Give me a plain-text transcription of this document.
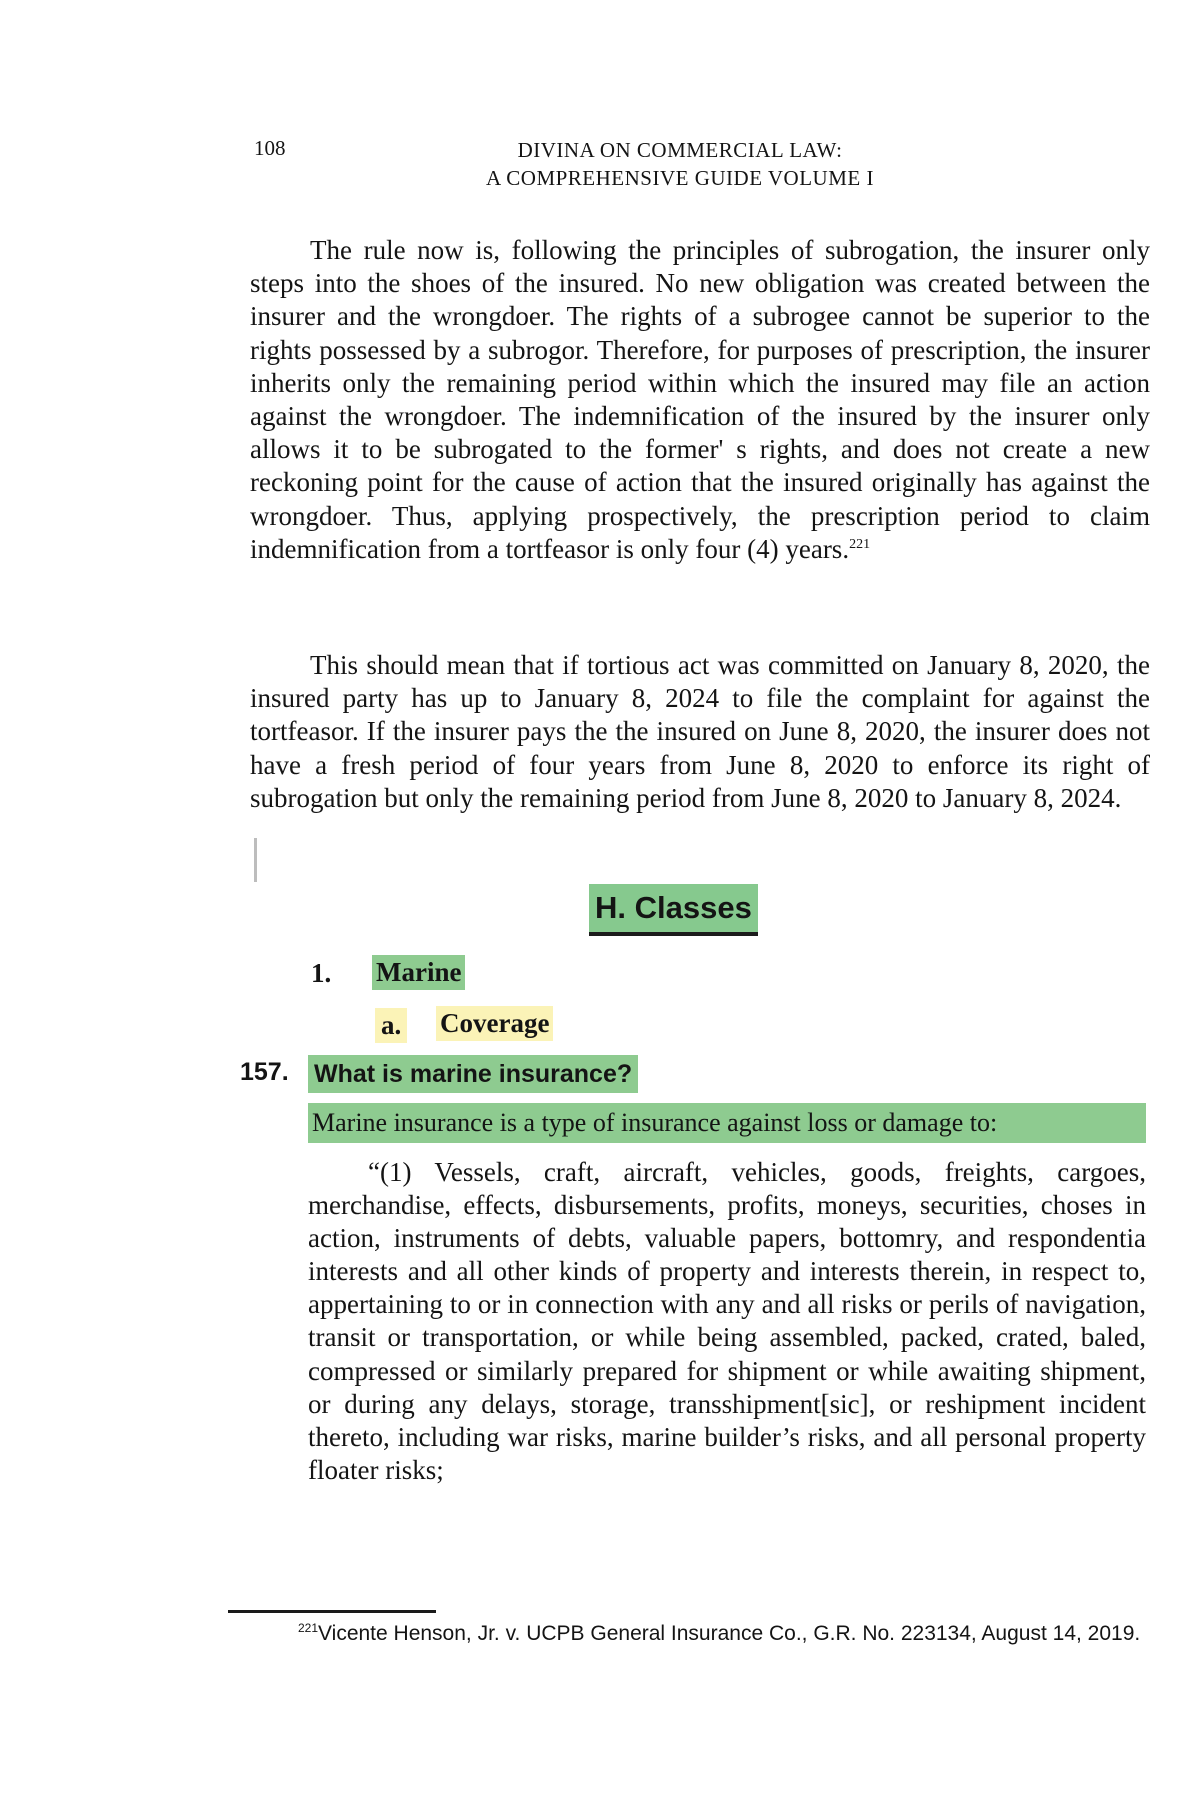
108	DIVINA ON COMMERCIAL LAW:
A COMPREHENSIVE GUIDE VOLUME I

The rule now is, following the principles of subrogation, the insurer only steps into the shoes of the insured. No new obligation was created between the insurer and the wrongdoer. The rights of a subrogee cannot be superior to the rights possessed by a subrogor. Therefore, for purposes of prescription, the insurer inherits only the remaining period within which the insured may file an action against the wrongdoer. The indemnification of the insured by the insurer only allows it to be subrogated to the former' s rights, and does not create a new reckoning point for the cause of action that the insured originally has against the wrongdoer. Thus, applying prospectively, the prescription period to claim indemnification from a tortfeasor is only four (4) years.$^{221}$

This should mean that if tortious act was committed on January 8, 2020, the insured party has up to January 8, 2024 to file the complaint for against the tortfeasor. If the insurer pays the the insured on June 8, 2020, the insurer does not have a fresh period of four years from June 8, 2020 to enforce its right of subrogation but only the remaining period from June 8, 2020 to January 8, 2024.

H. Classes
1. Marine
a. Coverage
157. What is marine insurance?
Marine insurance is a type of insurance against loss or damage to:

“(1) Vessels, craft, aircraft, vehicles, goods, freights, cargoes, merchandise, effects, disbursements, profits, moneys, securities, choses in action, instruments of debts, valuable papers, bottomry, and respondentia interests and all other kinds of property and interests therein, in respect to, appertaining to or in connection with any and all risks or perils of navigation, transit or transportation, or while being assembled, packed, crated, baled, compressed or similarly prepared for shipment or while awaiting shipment, or during any delays, storage, transshipment[sic], or reshipment incident thereto, including war risks, marine builder’s risks, and all personal property floater risks;

$^{221}$Vicente Henson, Jr. v. UCPB General Insurance Co., G.R. No. 223134, August 14, 2019.
